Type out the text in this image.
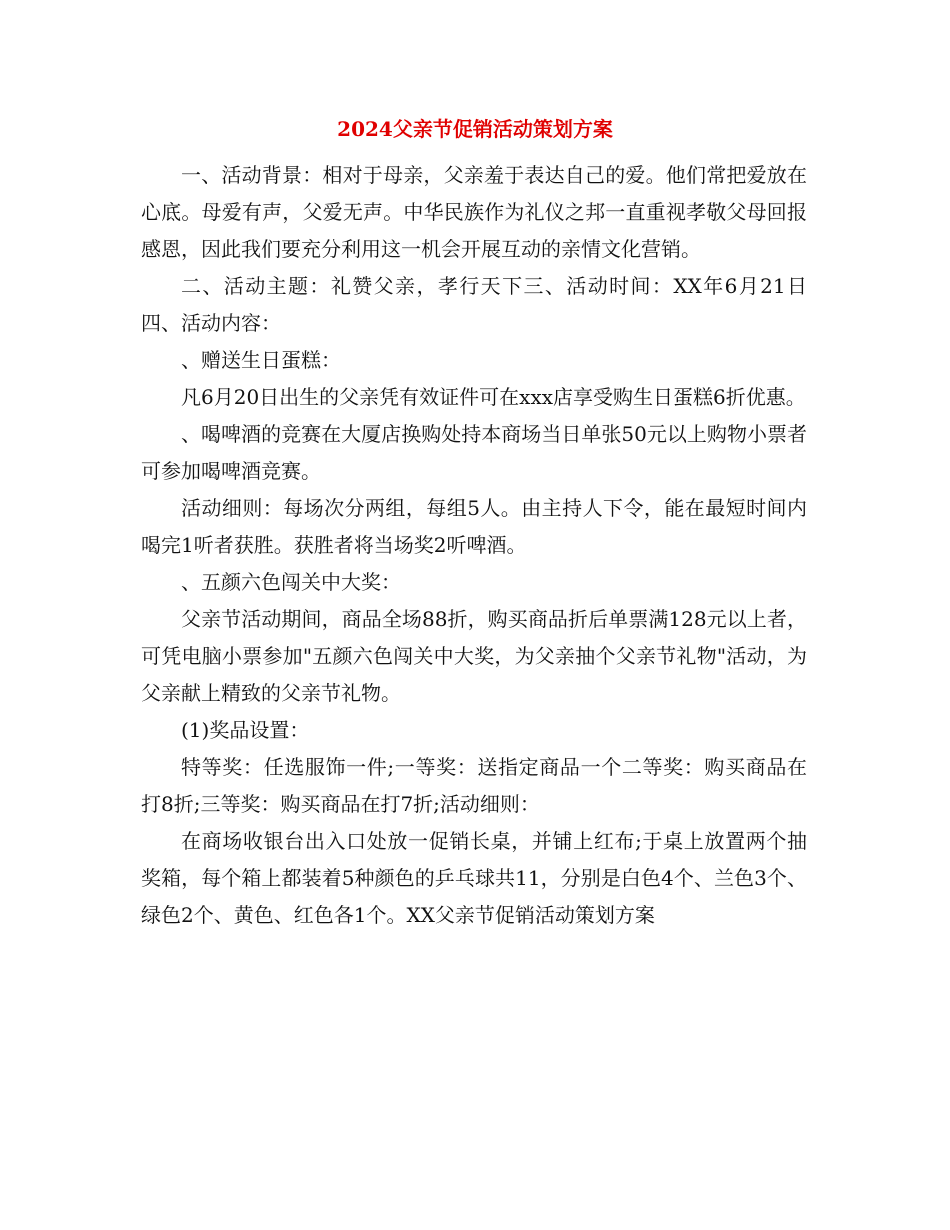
2024父亲节促销活动策划方案

一、活动背景：相对于母亲，父亲羞于表达自己的爱。他们常把爱放在心底。母爱有声，父爱无声。中华民族作为礼仪之邦一直重视孝敬父母回报感恩，因此我们要充分利用这一机会开展互动的亲情文化营销。

二、活动主题：礼赞父亲，孝行天下三、活动时间：XX年6月21日四、活动内容：

、赠送生日蛋糕：

凡6月20日出生的父亲凭有效证件可在xxx店享受购生日蛋糕6折优惠。

、喝啤酒的竞赛在大厦店换购处持本商场当日单张50元以上购物小票者可参加喝啤酒竞赛。

活动细则：每场次分两组，每组5人。由主持人下令，能在最短时间内喝完1听者获胜。获胜者将当场奖2听啤酒。

、五颜六色闯关中大奖：

父亲节活动期间，商品全场88折，购买商品折后单票满128元以上者，可凭电脑小票参加"五颜六色闯关中大奖，为父亲抽个父亲节礼物"活动，为父亲献上精致的父亲节礼物。

(1)奖品设置：

特等奖：任选服饰一件;一等奖：送指定商品一个二等奖：购买商品在打8折;三等奖：购买商品在打7折;活动细则：

在商场收银台出入口处放一促销长桌，并铺上红布;于桌上放置两个抽奖箱，每个箱上都装着5种颜色的乒乓球共11，分别是白色4个、兰色3个、绿色2个、黄色、红色各1个。XX父亲节促销活动策划方案
